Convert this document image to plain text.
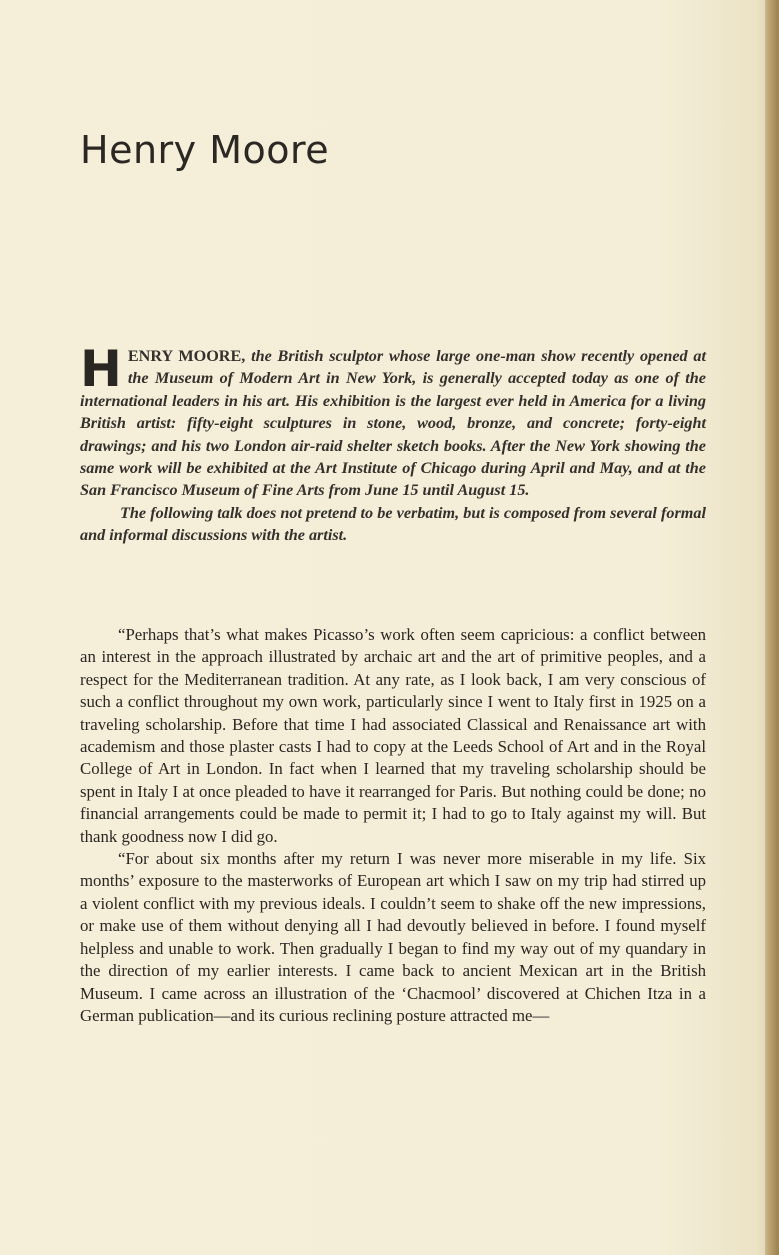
Henry Moore

HENRY MOORE, the British sculptor whose large one-man show recently opened at the Museum of Modern Art in New York, is generally accepted today as one of the international leaders in his art. His exhibition is the largest ever held in America for a living British artist: fifty-eight sculptures in stone, wood, bronze, and concrete; forty-eight drawings; and his two London air-raid shelter sketch books. After the New York showing the same work will be exhibited at the Art Institute of Chicago during April and May, and at the San Francisco Museum of Fine Arts from June 15 until August 15.

The following talk does not pretend to be verbatim, but is composed from several formal and informal discussions with the artist.

“Perhaps that’s what makes Picasso’s work often seem capricious: a conflict between an interest in the approach illustrated by archaic art and the art of primitive peoples, and a respect for the Mediterranean tradition. At any rate, as I look back, I am very conscious of such a conflict throughout my own work, particularly since I went to Italy first in 1925 on a traveling scholarship. Before that time I had associated Classical and Renaissance art with academism and those plaster casts I had to copy at the Leeds School of Art and in the Royal College of Art in London. In fact when I learned that my traveling scholarship should be spent in Italy I at once pleaded to have it rearranged for Paris. But nothing could be done; no financial arrangements could be made to permit it; I had to go to Italy against my will. But thank goodness now I did go.

“For about six months after my return I was never more miserable in my life. Six months’ exposure to the masterworks of European art which I saw on my trip had stirred up a violent conflict with my previous ideals. I couldn’t seem to shake off the new impressions, or make use of them without denying all I had devoutly believed in before. I found myself helpless and unable to work. Then gradually I began to find my way out of my quandary in the direction of my earlier interests. I came back to ancient Mexican art in the British Museum. I came across an illustration of the ‘Chacmool’ discovered at Chichen Itza in a German publication—and its curious reclining posture attracted me—
